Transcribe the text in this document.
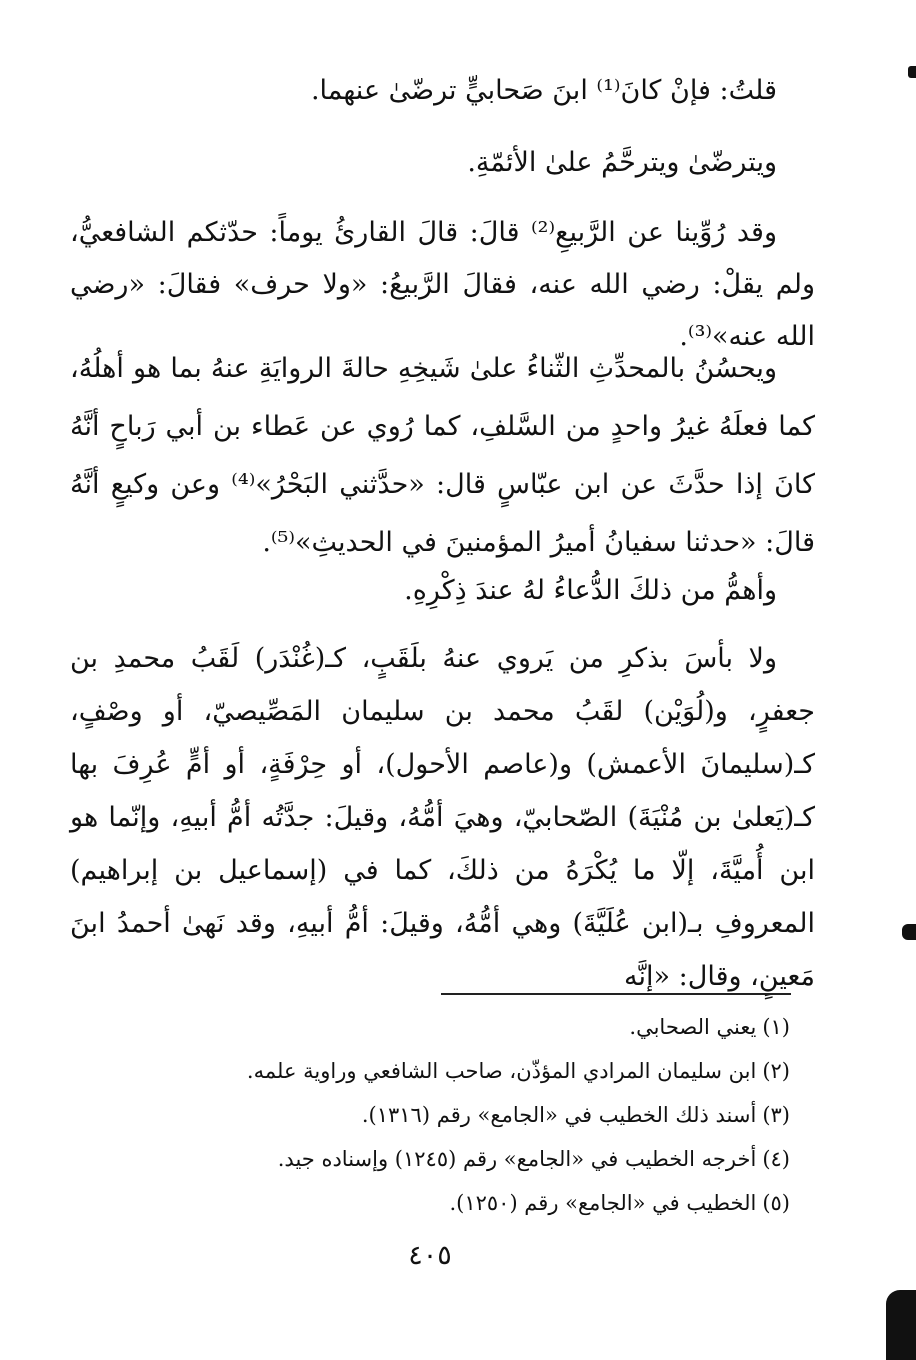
قلتُ: فإنْ كانَ⁽¹⁾ ابنَ صَحابيٍّ ترضّىٰ عنهما.

ويترضّىٰ ويترحَّمُ علىٰ الأئمّةِ.

وقد رُوِّينا عن الرَّبيعِ⁽²⁾ قالَ: قالَ القارئُ يوماً: حدّثكم الشافعيُّ، ولم يقلْ: رضي الله عنه، فقالَ الرَّبيعُ: «ولا حرف» فقالَ: «رضي الله عنه»⁽³⁾.

ويحسُنُ بالمحدِّثِ الثّناءُ علىٰ شَيخِهِ حالةَ الروايَةِ عنهُ بما هو أهلُهُ، كما فعلَهُ غيرُ واحدٍ من السَّلفِ، كما رُوي عن عَطاء بن أبي رَباحٍ أنَّهُ كانَ إذا حدَّثَ عن ابن عبّاسٍ قال: «حدَّثني البَحْرُ»⁽⁴⁾ وعن وكيعٍ أنَّهُ قالَ: «حدثنا سفيانُ أميرُ المؤمنينَ في الحديثِ»⁽⁵⁾.

وأهمُّ من ذلكَ الدُّعاءُ لهُ عندَ ذِكْرِهِ.

ولا بأسَ بذكرِ من يَروي عنهُ بلَقَبٍ، كـ(غُنْدَر) لَقَبُ محمدِ بن جعفرٍ، و(لُوَيْن) لقَبُ محمد بن سليمان المَصِّيصيّ، أو وصْفٍ، كـ(سليمانَ الأعمش) و(عاصم الأحول)، أو حِرْفَةٍ، أو أمٍّ عُرِفَ بها كـ(يَعلىٰ بن مُنْيَةَ) الصّحابيّ، وهيَ أمُّهُ، وقيلَ: جدَّتُه أمُّ أبيهِ، وإنّما هو ابن أُميَّةَ، إلّا ما يُكْرَهُ من ذلكَ، كما في (إسماعيل بن إبراهيم) المعروفِ بـ(ابن عُلَيَّةَ) وهي أمُّهُ، وقيلَ: أمُّ أبيهِ، وقد نَهىٰ أحمدُ ابنَ مَعينٍ، وقال: «إنَّه

(١)يعني الصحابي.

(٢)ابن سليمان المرادي المؤذّن، صاحب الشافعي وراوية علمه.

(٣)أسند ذلك الخطيب في «الجامع» رقم (١٣١٦).

(٤)أخرجه الخطيب في «الجامع» رقم (١٢٤٥) وإسناده جيد.

(٥)الخطيب في «الجامع» رقم (١٢٥٠).

٤٠٥
